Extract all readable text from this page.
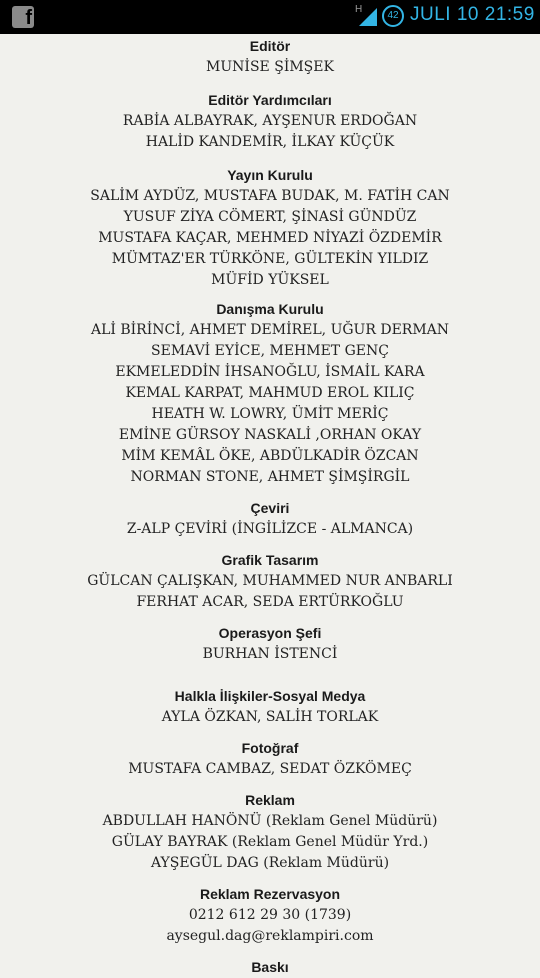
f	H
42 JULI 10 21:59
Editör
MUNİSE ŞİMŞEK
Editör Yardımcıları
RABİA ALBAYRAK, AYŞENUR ERDOĞAN
HALİD KANDEMİR, İLKAY KÜÇÜK
Yayın Kurulu
SALİM AYDÜZ, MUSTAFA BUDAK, M. FATİH CAN
YUSUF ZİYA CÖMERT, ŞİNASİ GÜNDÜZ
MUSTAFA KAÇAR, MEHMED NİYAZİ ÖZDEMİR
MÜMTAZ'ER TÜRKÖNE, GÜLTEKİN YILDIZ
MÜFİD YÜKSEL
Danışma Kurulu
ALİ BİRİNCİ, AHMET DEMİREL, UĞUR DERMAN
SEMAVİ EYİCE, MEHMET GENÇ
EKMELEDDİN İHSANOĞLU, İSMAİL KARA
KEMAL KARPAT, MAHMUD EROL KILIÇ
HEATH W. LOWRY, ÜMİT MERİÇ
EMİNE GÜRSOY NASKALİ ,ORHAN OKAY
MİM KEMÂL ÖKE, ABDÜLKADİR ÖZCAN
NORMAN STONE, AHMET ŞİMŞİRGİL
Çeviri
Z-ALP ÇEVİRİ (İNGİLİZCE - ALMANCA)
Grafik Tasarım
GÜLCAN ÇALIŞKAN, MUHAMMED NUR ANBARLI
FERHAT ACAR, SEDA ERTÜRKOĞLU
Operasyon Şefi
BURHAN İSTENCİ
Halkla İlişkiler-Sosyal Medya
AYLA ÖZKAN, SALİH TORLAK
Fotoğraf
MUSTAFA CAMBAZ, SEDAT ÖZKÖMEÇ
Reklam
ABDULLAH HANÖNÜ (Reklam Genel Müdürü)
GÜLAY BAYRAK (Reklam Genel Müdür Yrd.)
AYŞEGÜL DAG (Reklam Müdürü)
Reklam Rezervasyon
0212 612 29 30 (1739)
aysegul.dag@reklampiri.com
Baskı
